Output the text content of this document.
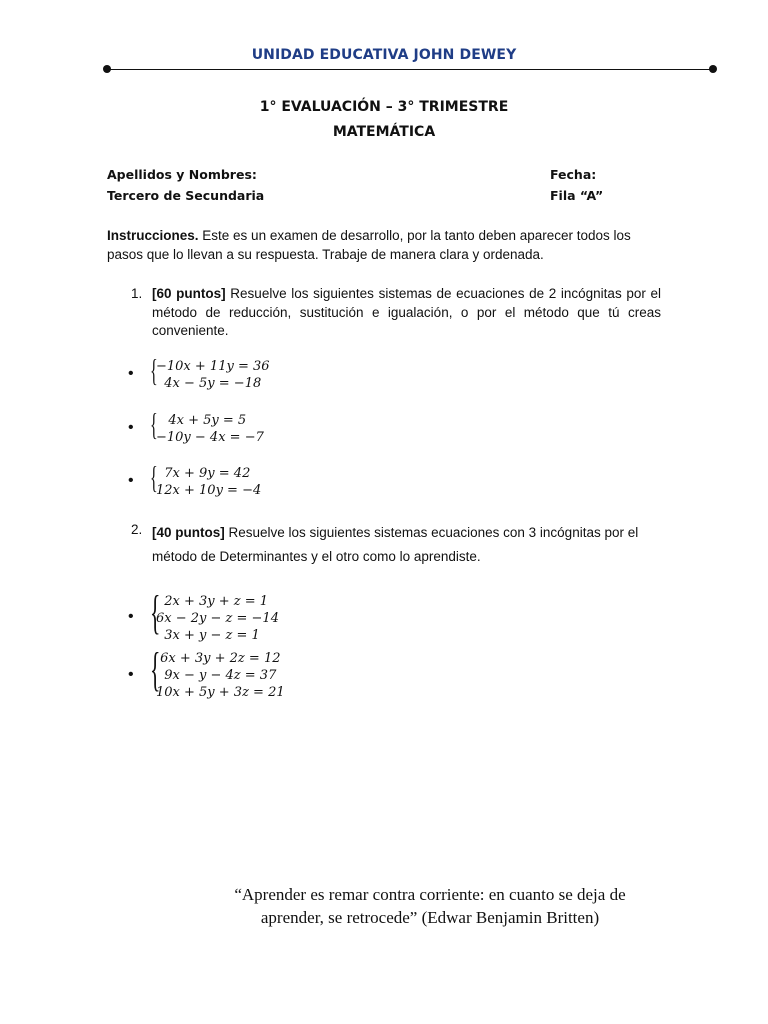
UNIDAD EDUCATIVA JOHN DEWEY
1° EVALUACIÓN – 3° TRIMESTRE
MATEMÁTICA
Apellidos y Nombres:
Tercero de Secundaria
Fecha:
Fila “A”
Instrucciones. Este es un examen de desarrollo, por la tanto deben aparecer todos los
pasos que lo llevan a su respuesta. Trabaje de manera clara y ordenada.
1. [60 puntos] Resuelve los siguientes sistemas de ecuaciones de 2 incógnitas por el método de reducción, sustitución e igualación, o por el método que tú creas conveniente.
• {
−10x + 11y = 36
4x − 5y = −18
• {
4x + 5y = 5
−10y − 4x = −7
• {
7x + 9y = 42
12x + 10y = −4
2. [40 puntos] Resuelve los siguientes sistemas ecuaciones con 3 incógnitas por el método de Determinantes y el otro como lo aprendiste.
• {
2x + 3y + z = 1
6x − 2y − z = −14
3x + y − z = 1
• {
6x + 3y + 2z = 12
9x − y − 4z = 37
10x + 5y + 3z = 21
“Aprender es remar contra corriente: en cuanto se deja de
aprender, se retrocede” (Edwar Benjamin Britten)
